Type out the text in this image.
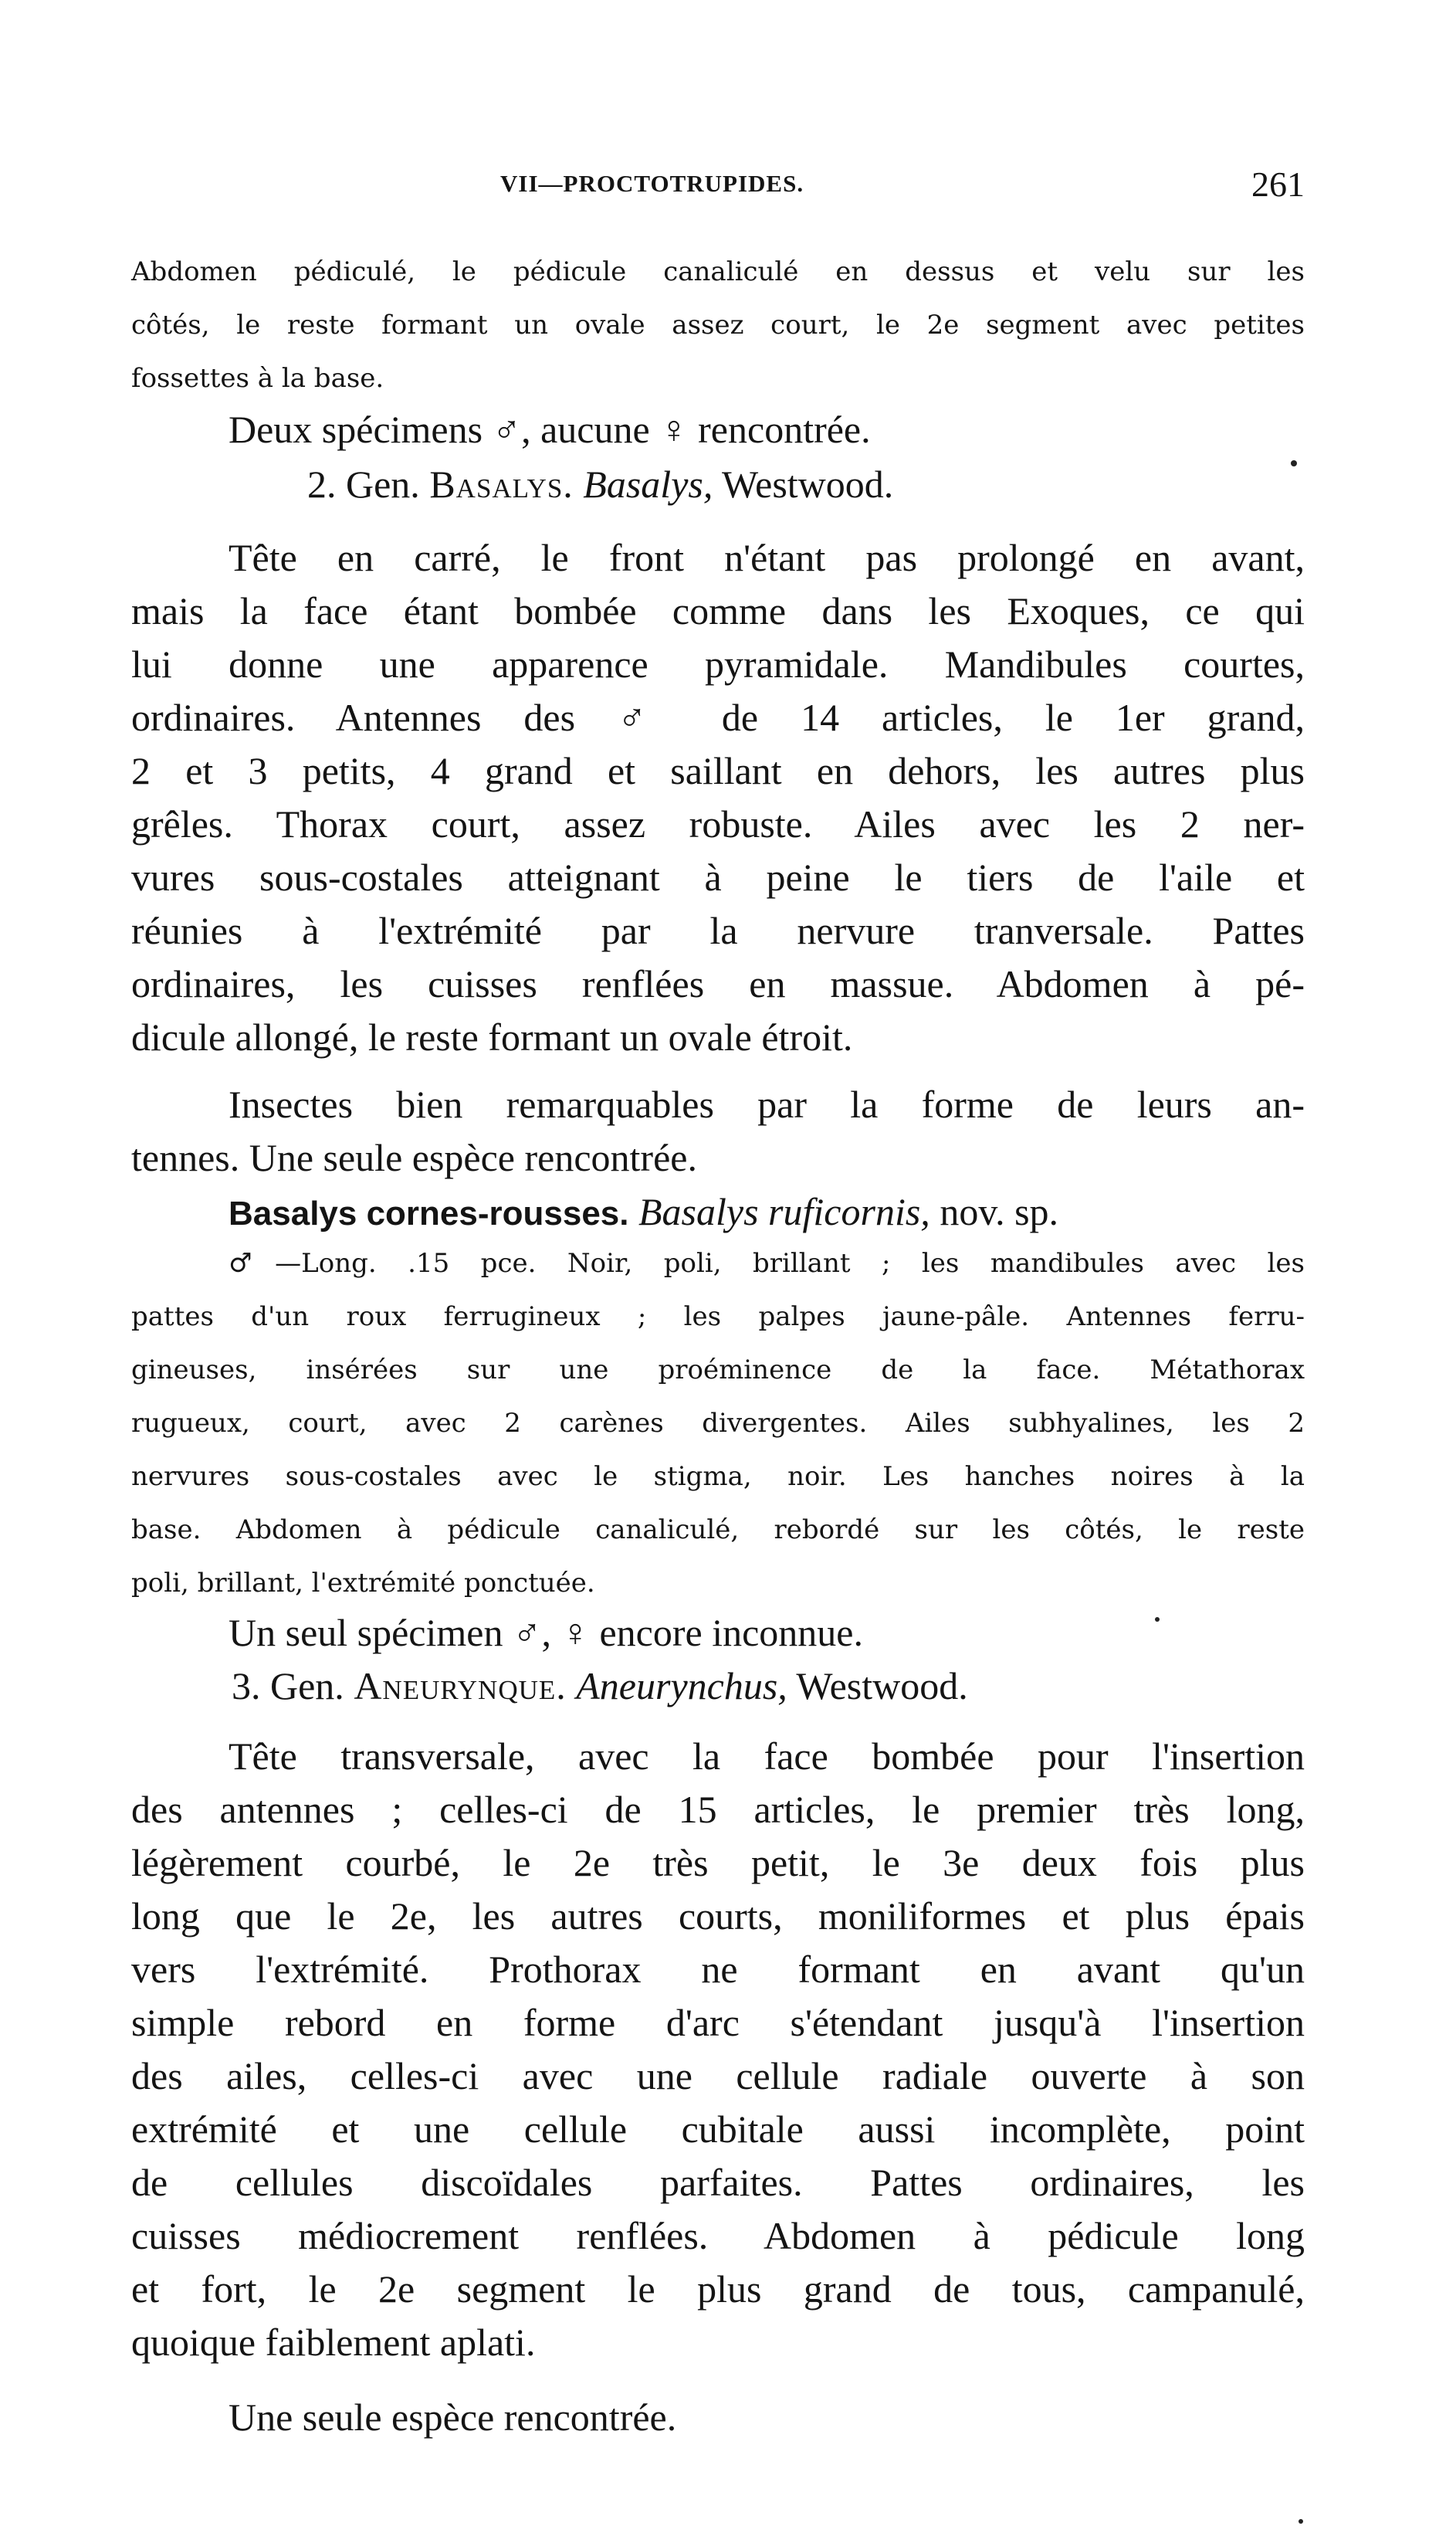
VII—PROCTOTRUPIDES.	261
Abdomen pédiculé, le pédicule canaliculé en dessus et velu sur les
côtés, le reste formant un ovale assez court, le 2e segment avec petites
fossettes à la base.
Deux spécimens ♂, aucune ♀ rencontrée.
2. Gen. Basalys. Basalys, Westwood.
Tête en carré, le front n'étant pas prolongé en avant,
mais la face étant bombée comme dans les Exoques, ce qui
lui donne une apparence pyramidale. Mandibules courtes,
ordinaires. Antennes des ♂ de 14 articles, le 1er grand,
2 et 3 petits, 4 grand et saillant en dehors, les autres plus
grêles. Thorax court, assez robuste. Ailes avec les 2 ner-
vures sous-costales atteignant à peine le tiers de l'aile et
réunies à l'extrémité par la nervure tranversale. Pattes
ordinaires, les cuisses renflées en massue. Abdomen à pé-
dicule allongé, le reste formant un ovale étroit.
Insectes bien remarquables par la forme de leurs an-
tennes. Une seule espèce rencontrée.
Basalys cornes-rousses. Basalys ruficornis, nov. sp.
♂—Long. .15 pce. Noir, poli, brillant ; les mandibules avec les
pattes d'un roux ferrugineux ; les palpes jaune-pâle. Antennes ferru-
gineuses, insérées sur une proéminence de la face. Métathorax
rugueux, court, avec 2 carènes divergentes. Ailes subhyalines, les 2
nervures sous-costales avec le stigma, noir. Les hanches noires à la
base. Abdomen à pédicule canaliculé, rebordé sur les côtés, le reste
poli, brillant, l'extrémité ponctuée.
Un seul spécimen ♂, ♀ encore inconnue.
3. Gen. Aneurynque. Aneurynchus, Westwood.
Tête transversale, avec la face bombée pour l'insertion
des antennes ; celles-ci de 15 articles, le premier très long,
légèrement courbé, le 2e très petit, le 3e deux fois plus
long que le 2e, les autres courts, moniliformes et plus épais
vers l'extrémité. Prothorax ne formant en avant qu'un
simple rebord en forme d'arc s'étendant jusqu'à l'insertion
des ailes, celles-ci avec une cellule radiale ouverte à son
extrémité et une cellule cubitale aussi incomplète, point
de cellules discoïdales parfaites. Pattes ordinaires, les
cuisses médiocrement renflées. Abdomen à pédicule long
et fort, le 2e segment le plus grand de tous, campanulé,
quoique faiblement aplati.
Une seule espèce rencontrée.
